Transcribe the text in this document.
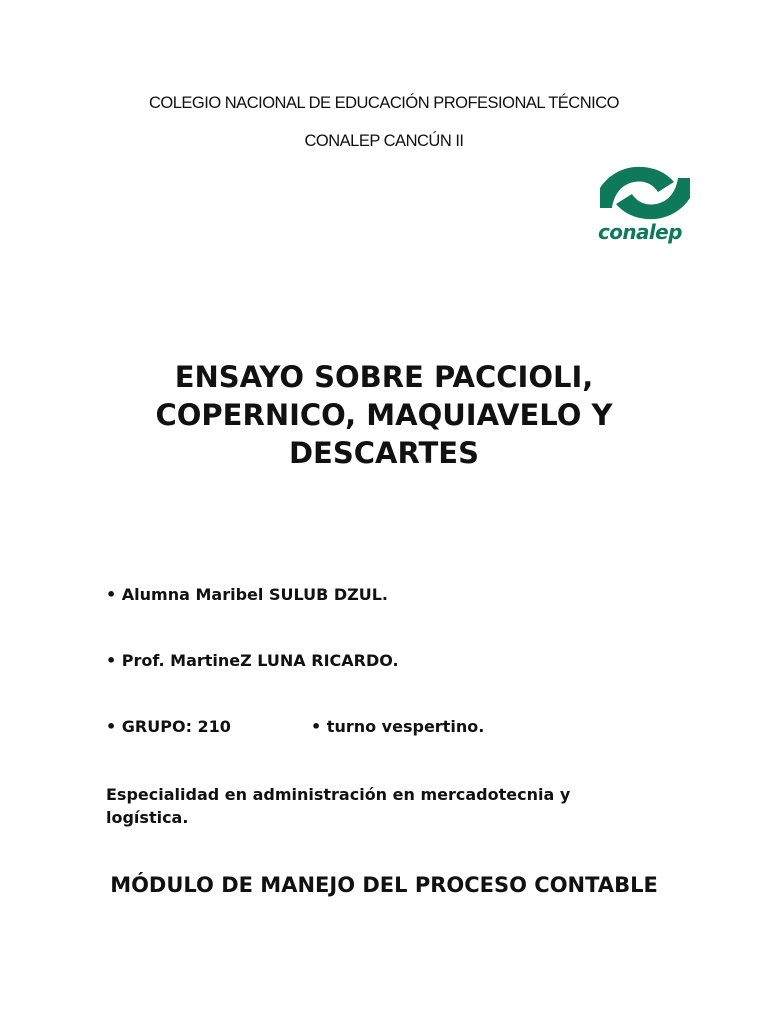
COLEGIO NACIONAL DE EDUCACIÓN PROFESIONAL TÉCNICO
CONALEP CANCÚN II
conalep
ENSAYO SOBRE PACCIOLI, COPERNICO, MAQUIAVELO Y DESCARTES
• Alumna Maribel SULUB DZUL.
• Prof. MartineZ LUNA RICARDO.
• GRUPO: 210	• turno vespertino.
Especialidad en administración en mercadotecnia y logística.
MÓDULO DE MANEJO DEL PROCESO CONTABLE
